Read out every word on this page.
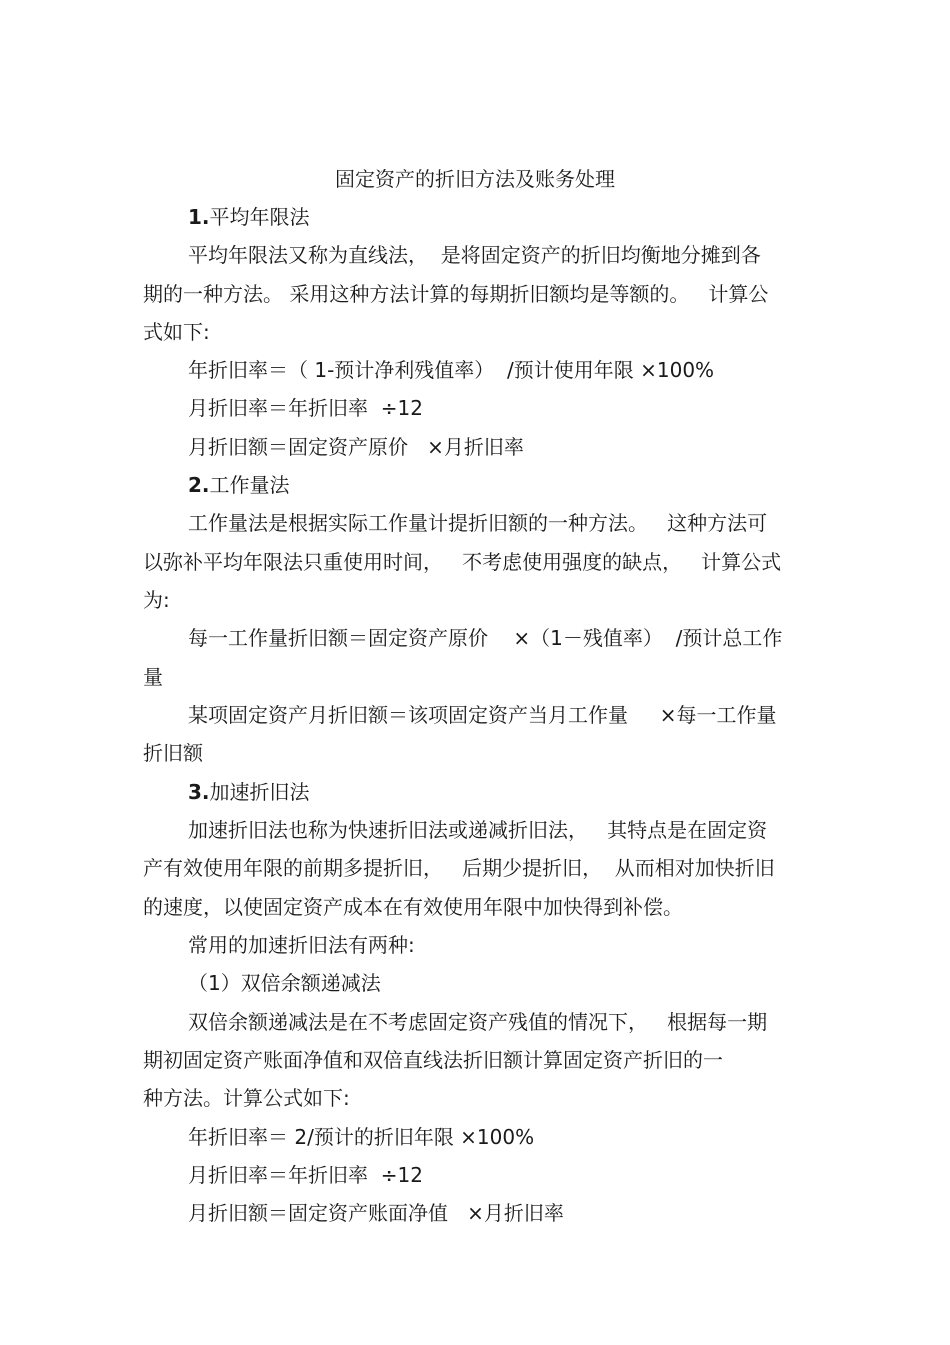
固定资产的折旧方法及账务处理
1.平均年限法
平均年限法又称为直线法，  是将固定资产的折旧均衡地分摊到各
期的一种方法。 采用这种方法计算的每期折旧额均是等额的。   计算公
式如下:
年折旧率＝（ 1-预计净利残值率）  /预计使用年限 ×100%
月折旧率＝年折旧率  ÷12
月折旧额＝固定资产原价   ×月折旧率
2.工作量法
工作量法是根据实际工作量计提折旧额的一种方法。   这种方法可
以弥补平均年限法只重使用时间，   不考虑使用强度的缺点，   计算公式
为:
每一工作量折旧额＝固定资产原价    ×（1－残值率）  /预计总工作
量
某项固定资产月折旧额＝该项固定资产当月工作量     ×每一工作量
折旧额
3.加速折旧法
加速折旧法也称为快速折旧法或递减折旧法，   其特点是在固定资
产有效使用年限的前期多提折旧，   后期少提折旧，  从而相对加快折旧
的速度，以使固定资产成本在有效使用年限中加快得到补偿。
常用的加速折旧法有两种:
（1）双倍余额递减法
双倍余额递减法是在不考虑固定资产残值的情况下，   根据每一期
期初固定资产账面净值和双倍直线法折旧额计算固定资产折旧的一
种方法。计算公式如下:
年折旧率＝ 2/预计的折旧年限 ×100%
月折旧率＝年折旧率  ÷12
月折旧额＝固定资产账面净值   ×月折旧率
